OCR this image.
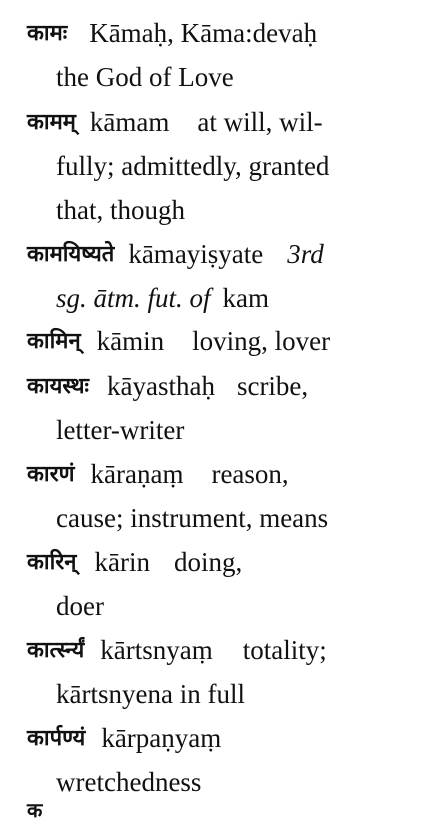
कामः Kāmaḥ, Kāma:devaḥ
the God of Love
कामम् kāmam at will, wil-
fully; admittedly, granted
that, though
कामयिष्यते kāmayiṣyate 3rd
sg. ātm. fut. of kam
कामिन् kāmin loving, lover
कायस्थः kāyasthaḥ scribe,
letter-writer
कारणं kāraṇaṃ reason,
cause; instrument, means
कारिन् kārin doing,
doer
कार्त्स्न्यं kārtsnyaṃ totality;
kārtsnyena in full
कार्पण्यं kārpaṇyaṃ
wretchedness
क
